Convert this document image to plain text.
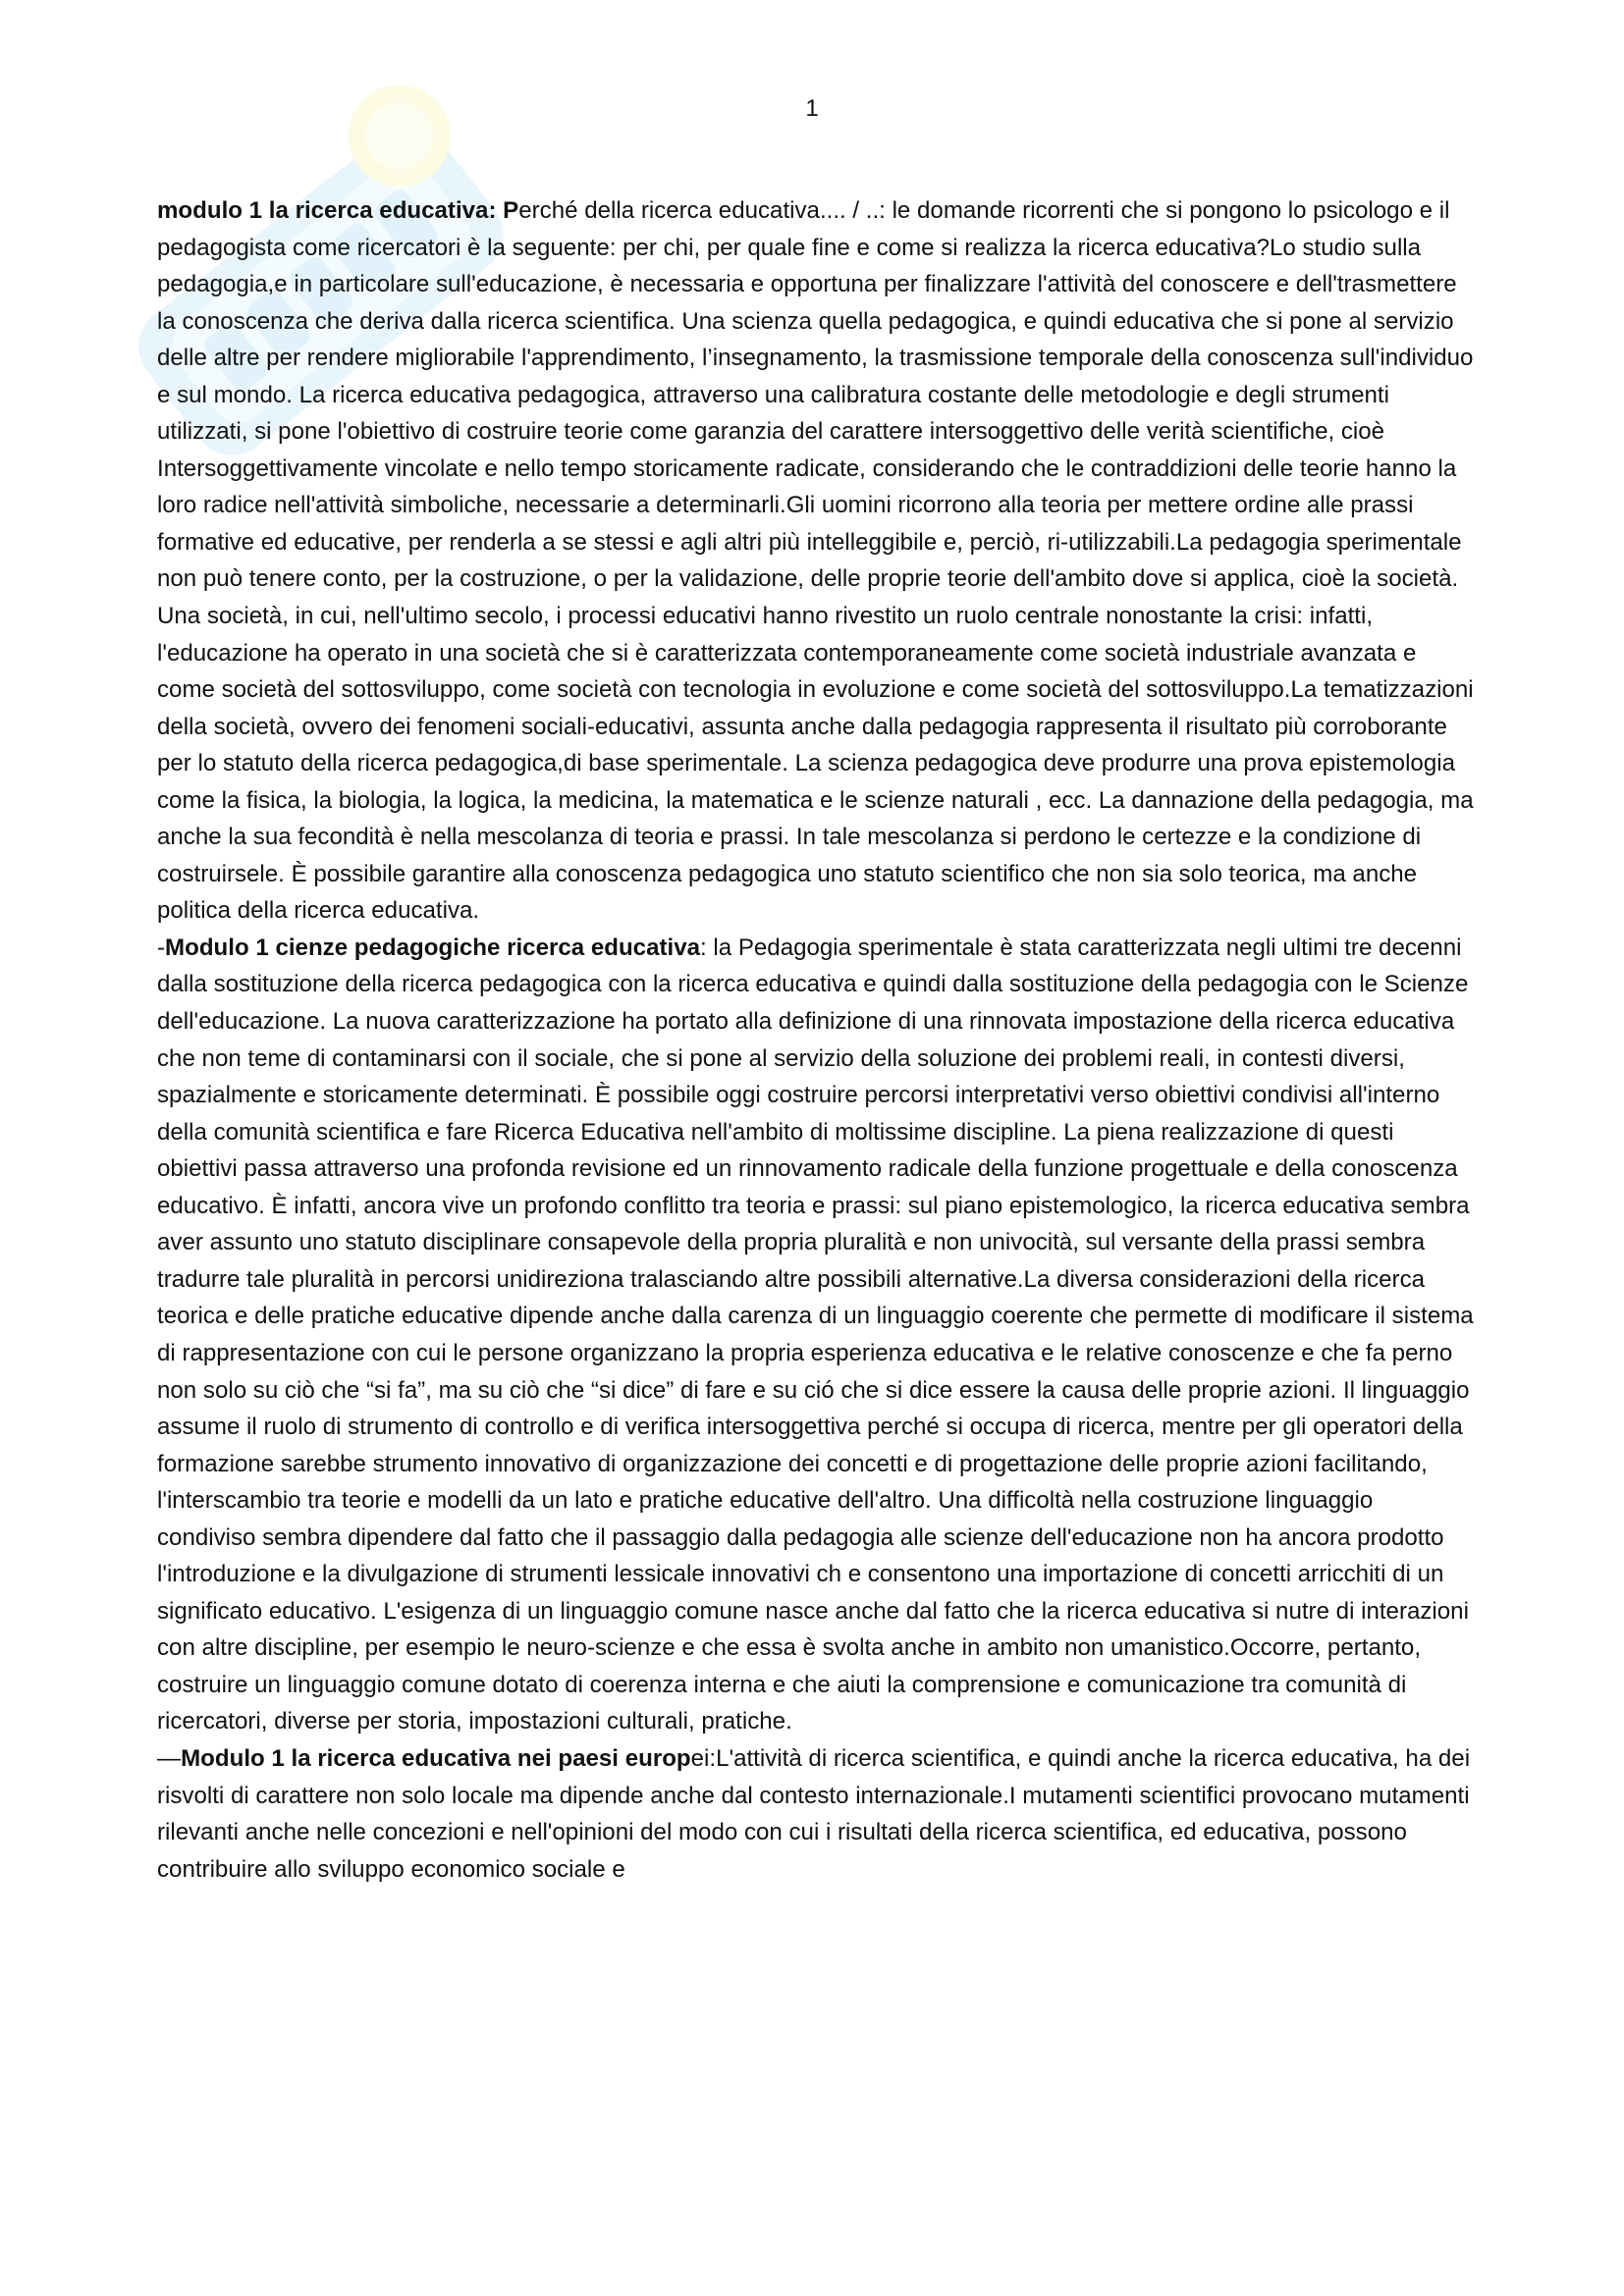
1

modulo 1 la ricerca educativa: Perché della ricerca educativa.... / ..: le domande ricorrenti che si pongono lo psicologo e il pedagogista come ricercatori è la seguente: per chi, per quale fine e come si realizza la ricerca educativa?Lo studio sulla pedagogia,e in particolare sull'educazione, è necessaria e opportuna per finalizzare l'attività del conoscere e dell'trasmettere la conoscenza che deriva dalla ricerca scientifica. Una scienza quella pedagogica, e quindi educativa che si pone al servizio delle altre per rendere migliorabile l'apprendimento, l’insegnamento, la trasmissione temporale della conoscenza sull'individuo e sul mondo. La ricerca educativa pedagogica, attraverso una calibratura costante delle metodologie e degli strumenti utilizzati, si pone l'obiettivo di costruire teorie come garanzia del carattere intersoggettivo delle verità scientifiche, cioè Intersoggettivamente vincolate e nello tempo storicamente radicate, considerando che le contraddizioni delle teorie hanno la loro radice nell'attività simboliche, necessarie a determinarli.Gli uomini ricorrono alla teoria per mettere ordine alle prassi formative ed educative, per renderla a se stessi e agli altri più intelleggibile e, perciò, ri-utilizzabili.La pedagogia sperimentale non può tenere conto, per la costruzione, o per la validazione, delle proprie teorie dell'ambito dove si applica, cioè la società. Una società, in cui, nell'ultimo secolo, i processi educativi hanno rivestito un ruolo centrale nonostante la crisi: infatti, l'educazione ha operato in una società che si è caratterizzata contemporaneamente come società industriale avanzata e come società del sottosviluppo, come società con tecnologia in evoluzione e come società del sottosviluppo.La tematizzazioni della società, ovvero dei fenomeni sociali-educativi, assunta anche dalla pedagogia rappresenta il risultato più corroborante per lo statuto della ricerca pedagogica,di base sperimentale. La scienza pedagogica deve produrre una prova epistemologia come la fisica, la biologia, la logica, la medicina, la matematica e le scienze naturali , ecc. La dannazione della pedagogia, ma anche la sua fecondità è nella mescolanza di teoria e prassi. In tale mescolanza si perdono le certezze e la condizione di costruirsele. È possibile garantire alla conoscenza pedagogica uno statuto scientifico che non sia solo teorica, ma anche politica della ricerca educativa.

-Modulo 1 cienze pedagogiche ricerca educativa: la Pedagogia sperimentale è stata caratterizzata negli ultimi tre decenni dalla sostituzione della ricerca pedagogica con la ricerca educativa e quindi dalla sostituzione della pedagogia con le Scienze dell'educazione. La nuova caratterizzazione ha portato alla definizione di una rinnovata impostazione della ricerca educativa che non teme di contaminarsi con il sociale, che si pone al servizio della soluzione dei problemi reali, in contesti diversi, spazialmente e storicamente determinati. È possibile oggi costruire percorsi interpretativi verso obiettivi condivisi all'interno della comunità scientifica e fare Ricerca Educativa nell'ambito di moltissime discipline. La piena realizzazione di questi obiettivi passa attraverso una profonda revisione ed un rinnovamento radicale della funzione progettuale e della conoscenza educativo. È infatti, ancora vive un profondo conflitto tra teoria e prassi: sul piano epistemologico, la ricerca educativa sembra aver assunto uno statuto disciplinare consapevole della propria pluralità e non univocità, sul versante della prassi sembra tradurre tale pluralità in percorsi unidireziona tralasciando altre possibili alternative.La diversa considerazioni della ricerca teorica e delle pratiche educative dipende anche dalla carenza di un linguaggio coerente che permette di modificare il sistema di rappresentazione con cui le persone organizzano la propria esperienza educativa e le relative conoscenze e che fa perno non solo su ciò che “si fa”, ma su ciò che “si dice” di fare e su ció che si dice essere la causa delle proprie azioni. Il linguaggio assume il ruolo di strumento di controllo e di verifica intersoggettiva perché si occupa di ricerca, mentre per gli operatori della formazione sarebbe strumento innovativo di organizzazione dei concetti e di progettazione delle proprie azioni facilitando, l'interscambio tra teorie e modelli da un lato e pratiche educative dell'altro. Una difficoltà nella costruzione linguaggio condiviso sembra dipendere dal fatto che il passaggio dalla pedagogia alle scienze dell'educazione non ha ancora prodotto l'introduzione e la divulgazione di strumenti lessicale innovativi ch e consentono una importazione di concetti arricchiti di un significato educativo. L'esigenza di un linguaggio comune nasce anche dal fatto che la ricerca educativa si nutre di interazioni con altre discipline, per esempio le neuro-scienze e che essa è svolta anche in ambito non umanistico.Occorre, pertanto, costruire un linguaggio comune dotato di coerenza interna e che aiuti la comprensione e comunicazione tra comunità di ricercatori, diverse per storia, impostazioni culturali, pratiche.

—Modulo 1 la ricerca educativa nei paesi europei:L'attività di ricerca scientifica, e quindi anche la ricerca educativa, ha dei risvolti di carattere non solo locale ma dipende anche dal contesto internazionale.I mutamenti scientifici provocano mutamenti rilevanti anche nelle concezioni e nell'opinioni del modo con cui i risultati della ricerca scientifica, ed educativa, possono contribuire allo sviluppo economico sociale e
